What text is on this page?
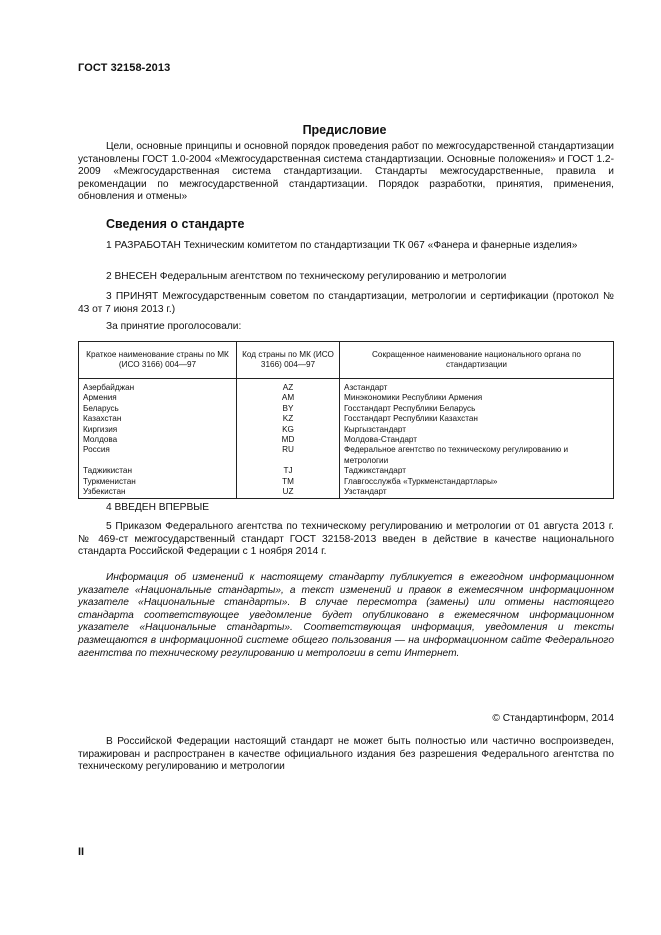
ГОСТ 32158-2013
Предисловие

Цели, основные принципы и основной порядок проведения работ по межгосударственной стандартизации установлены ГОСТ 1.0-2004 «Межгосударственная система стандартизации. Основные положения» и ГОСТ 1.2-2009 «Межгосударственная система стандартизации. Стандарты межгосударственные, правила и рекомендации по межгосударственной стандартизации. Порядок разработки, принятия, применения, обновления и отмены»

Сведения о стандарте

1 РАЗРАБОТАН Техническим комитетом по стандартизации ТК 067 «Фанера и фанерные изделия»

2 ВНЕСЕН Федеральным агентством по техническому регулированию и метрологии

3 ПРИНЯТ Межгосударственным советом по стандартизации, метрологии и сертификации (протокол № 43 от 7 июня 2013 г.)

За принятие проголосовали:

Краткое наименование страны по МК (ИСО 3166) 004—97	Код страны по МК (ИСО 3166) 004—97	Сокращенное наименование национального органа по стандартизации
Азербайджан	AZ	Азстандарт
Армения	AM	Минэкономики Республики Армения
Беларусь	BY	Госстандарт Республики Беларусь
Казахстан	KZ	Госстандарт Республики Казахстан
Киргизия	KG	Кыргызстандарт
Молдова	MD	Молдова-Стандарт
Россия	RU	Федеральное агентство по техническому регулированию и метрологии
Таджикистан	TJ	Таджикстандарт
Туркменистан	TM	Главгосслужба «Туркменстандартлары»
Узбекистан	UZ	Узстандарт

4 ВВЕДЕН ВПЕРВЫЕ

5 Приказом Федерального агентства по техническому регулированию и метрологии от 01 августа 2013 г. № 469-ст межгосударственный стандарт ГОСТ 32158-2013 введен в действие в качестве национального стандарта Российской Федерации с 1 ноября 2014 г.

Информация об изменений к настоящему стандарту публикуется в ежегодном информационном указателе «Национальные стандарты», а текст изменений и правок в ежемесячном информационном указателе «Национальные стандарты». В случае пересмотра (замены) или отмены настоящего стандарта соответствующее уведомление будет опубликовано в ежемесячном информационном указателе «Национальные стандарты». Соответствующая информация, уведомления и тексты размещаются в информационной системе общего пользования — на информационном сайте Федерального агентства по техническому регулированию и метрологии в сети Интернет.

© Стандартинформ, 2014

В Российской Федерации настоящий стандарт не может быть полностью или частично воспроизведен, тиражирован и распространен в качестве официального издания без разрешения Федерального агентства по техническому регулированию и метрологии

II
